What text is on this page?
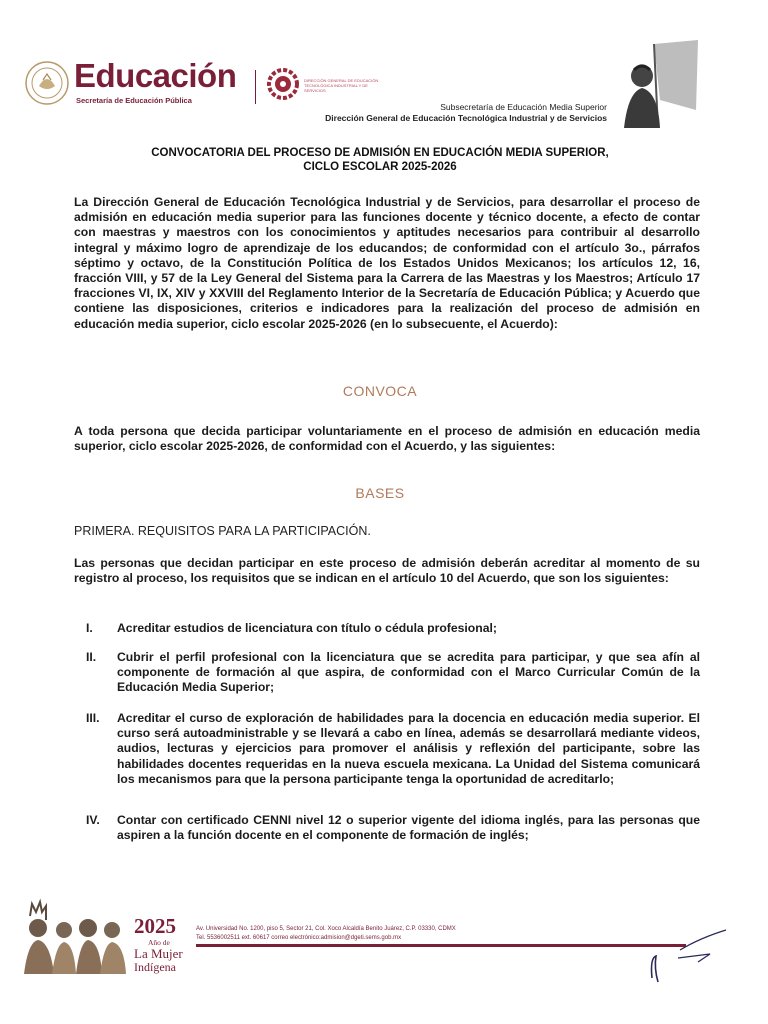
Educación
Secretaría de Educación Pública
DIRECCIÓN GENERAL DE EDUCACIÓN TECNOLÓGICA INDUSTRIAL Y DE SERVICIOS
Subsecretaría de Educación Media Superior
Dirección General de Educación Tecnológica Industrial y de Servicios
CONVOCATORIA DEL PROCESO DE ADMISIÓN EN EDUCACIÓN MEDIA SUPERIOR,
CICLO ESCOLAR 2025-2026
La Dirección General de Educación Tecnológica Industrial y de Servicios, para desarrollar el proceso de admisión en educación media superior para las funciones docente y técnico docente, a efecto de contar con maestras y maestros con los conocimientos y aptitudes necesarios para contribuir al desarrollo integral y máximo logro de aprendizaje de los educandos; de conformidad con el artículo 3o., párrafos séptimo y octavo, de la Constitución Política de los Estados Unidos Mexicanos; los artículos 12, 16, fracción VIII, y 57 de la Ley General del Sistema para la Carrera de las Maestras y los Maestros; Artículo 17 fracciones VI, IX, XIV y XXVIII del Reglamento Interior de la Secretaría de Educación Pública; y Acuerdo que contiene las disposiciones, criterios e indicadores para la realización del proceso de admisión en educación media superior, ciclo escolar 2025-2026 (en lo subsecuente, el Acuerdo):
CONVOCA
A toda persona que decida participar voluntariamente en el proceso de admisión en educación media superior, ciclo escolar 2025-2026, de conformidad con el Acuerdo, y las siguientes:
BASES
PRIMERA. REQUISITOS PARA LA PARTICIPACIÓN.
Las personas que decidan participar en este proceso de admisión deberán acreditar al momento de su registro al proceso, los requisitos que se indican en el artículo 10 del Acuerdo, que son los siguientes:
I. Acreditar estudios de licenciatura con título o cédula profesional;
II. Cubrir el perfil profesional con la licenciatura que se acredita para participar, y que sea afín al componente de formación al que aspira, de conformidad con el Marco Curricular Común de la Educación Media Superior;
III. Acreditar el curso de exploración de habilidades para la docencia en educación media superior. El curso será autoadministrable y se llevará a cabo en línea, además se desarrollará mediante videos, audios, lecturas y ejercicios para promover el análisis y reflexión del participante, sobre las habilidades docentes requeridas en la nueva escuela mexicana. La Unidad del Sistema comunicará los mecanismos para que la persona participante tenga la oportunidad de acreditarlo;
IV. Contar con certificado CENNI nivel 12 o superior vigente del idioma inglés, para las personas que aspiren a la función docente en el componente de formación de inglés;
2025
Año de
La Mujer
Indígena
Av. Universidad No. 1200, piso 5, Sector 21, Col. Xoco Alcaldía Benito Juárez, C.P. 03330, CDMX
Tel. 5536002511 ext. 60617 correo electrónico:admision@dgeti.sems.gob.mx
